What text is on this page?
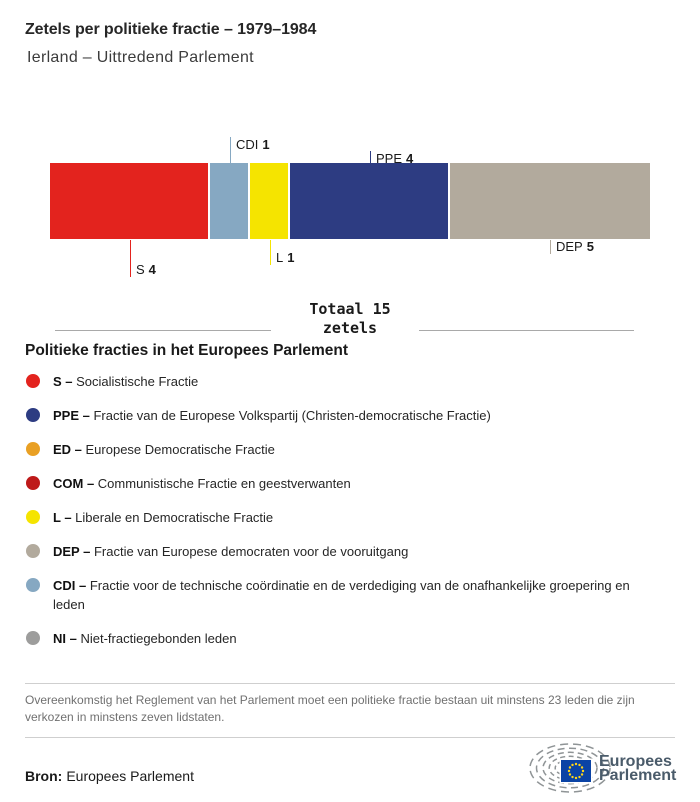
Zetels per politieke fractie – 1979–1984
Ierland – Uittredend Parlement
S 4
CDI 1
L 1
PPE 4
DEP 5
Totaal 15
zetels
Politieke fracties in het Europees Parlement
S – Socialistische Fractie
PPE – Fractie van de Europese Volkspartij (Christen-democratische Fractie)
ED – Europese Democratische Fractie
COM – Communistische Fractie en geestverwanten
L – Liberale en Democratische Fractie
DEP – Fractie van Europese democraten voor de vooruitgang
CDI – Fractie voor de technische coördinatie en de verdediging van de onafhankelijke groepering en leden
NI – Niet-fractiegebonden leden

Overeenkomstig het Reglement van het Parlement moet een politieke fractie bestaan uit minstens 23 leden die zijn verkozen in minstens zeven lidstaten.

Bron: Europees Parlement

Europees
Parlement
